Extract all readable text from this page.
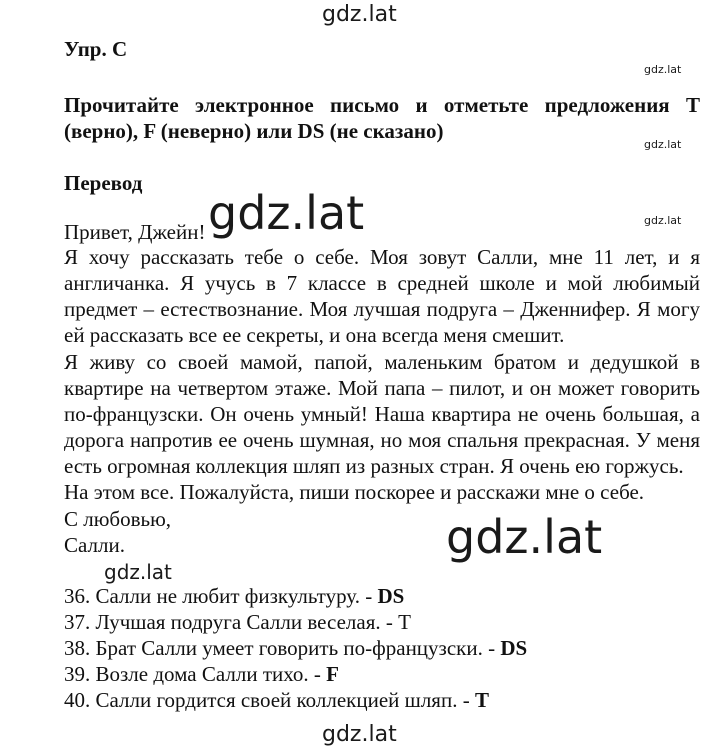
gdz.lat
gdz.lat
gdz.lat
gdz.lat
Упр. C
Прочитайте электронное письмо и отметьте предложения T
(верно), F (неверно) или DS (не сказано)
Перевод
Привет, Джейн! gdz.lat
Я хочу рассказать тебе о себе. Моя зовут Салли, мне 11 лет, и я
англичанка. Я учусь в 7 классе в средней школе и мой любимый
предмет – естествознание. Моя лучшая подруга – Дженнифер. Я могу
ей рассказать все ее секреты, и она всегда меня смешит.
Я живу со своей мамой, папой, маленьким братом и дедушкой в
квартире на четвертом этаже. Мой папа – пилот, и он может говорить
по-французски. Он очень умный! Наша квартира не очень большая, а
дорога напротив ее очень шумная, но моя спальня прекрасная. У меня
есть огромная коллекция шляп из разных стран. Я очень ею горжусь.
На этом все. Пожалуйста, пиши поскорее и расскажи мне о себе.
С любовью,
Салли.	gdz.lat
gdz.lat
36. Салли не любит физкультуру. - DS
37. Лучшая подруга Салли веселая. - T
38. Брат Салли умеет говорить по-французски. - DS
39. Возле дома Салли тихо. - F
40. Салли гордится своей коллекцией шляп. - T
gdz.lat
